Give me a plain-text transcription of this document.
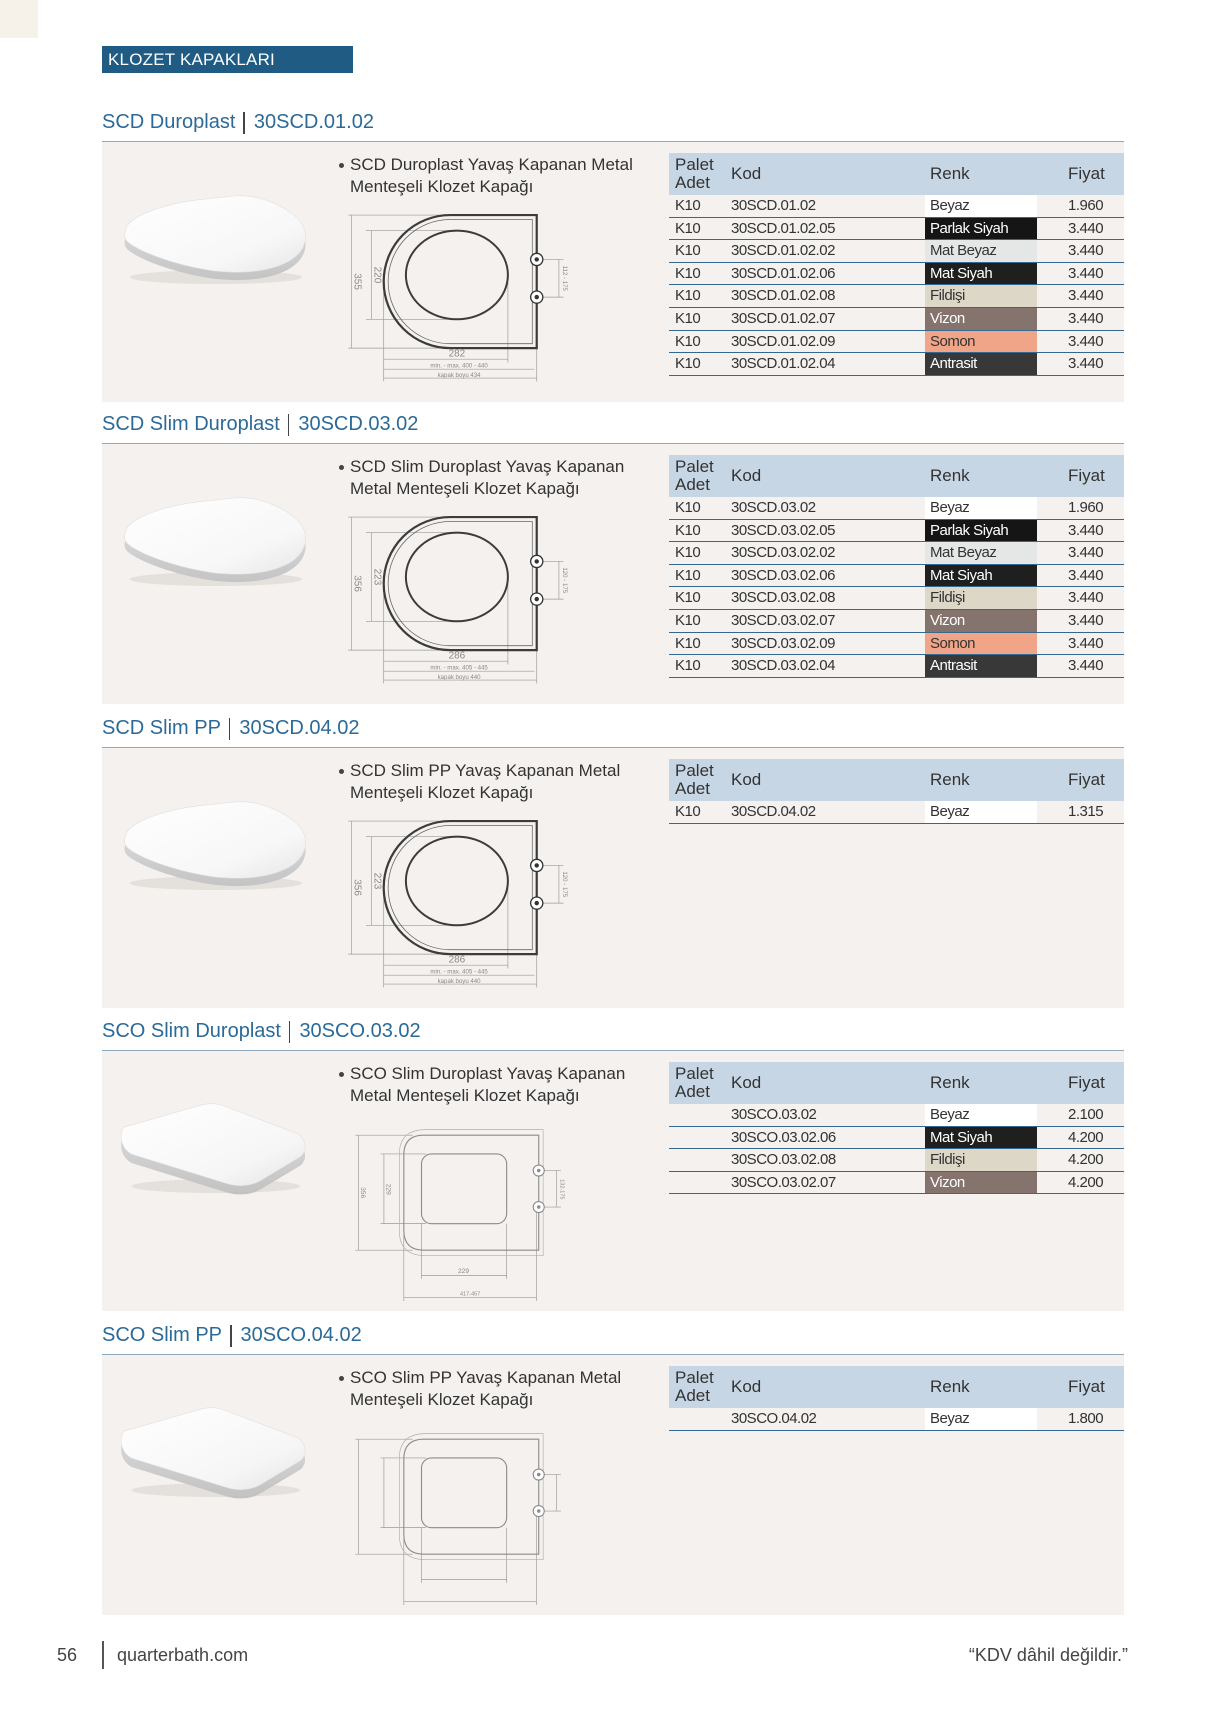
KLOZET KAPAKLARI
SCD Duroplast 30SCD.01.02
SCD Duroplast Yavaş Kapanan Metal
Menteşeli Klozet Kapağı
355 220
282
min. - max. 400 - 440
kapak boyu 434
112 - 175
Palet
Adet Kod	Renk	Fiyat
K10 30SCD.01.02	Beyaz	1.960
K10 30SCD.01.02.05	Parlak Siyah	3.440
K10 30SCD.01.02.02	Mat Beyaz	3.440
K10 30SCD.01.02.06	Mat Siyah	3.440
K10 30SCD.01.02.08	Fildişi	3.440
K10 30SCD.01.02.07	Vizon	3.440
K10 30SCD.01.02.09	Somon	3.440
K10 30SCD.01.02.04	Antrasit	3.440
SCD Slim Duroplast 30SCD.03.02
SCD Slim Duroplast Yavaş Kapanan
Metal Menteşeli Klozet Kapağı
356 223
286
min. - max. 405 - 445
kapak boyu 440
120 - 175
Palet
Adet Kod	Renk	Fiyat
K10 30SCD.03.02	Beyaz	1.960
K10 30SCD.03.02.05	Parlak Siyah	3.440
K10 30SCD.03.02.02	Mat Beyaz	3.440
K10 30SCD.03.02.06	Mat Siyah	3.440
K10 30SCD.03.02.08	Fildişi	3.440
K10 30SCD.03.02.07	Vizon	3.440
K10 30SCD.03.02.09	Somon	3.440
K10 30SCD.03.02.04	Antrasit	3.440
SCD Slim PP 30SCD.04.02
SCD Slim PP Yavaş Kapanan Metal
Menteşeli Klozet Kapağı
356 223
286
min. - max. 405 - 445
kapak boyu 440
120 - 175
Palet
Adet Kod	Renk	Fiyat
K10 30SCD.04.02	Beyaz	1.315
SCO Slim Duroplast 30SCO.03.02
SCO Slim Duroplast Yavaş Kapanan
Metal Menteşeli Klozet Kapağı
356	229
229
417-457
132-175
Palet
Adet Kod	Renk	Fiyat
30SCO.03.02	Beyaz	2.100
30SCO.03.02.06	Mat Siyah	4.200
30SCO.03.02.08	Fildişi	4.200
30SCO.03.02.07	Vizon	4.200
SCO Slim PP 30SCO.04.02
SCO Slim PP Yavaş Kapanan Metal
Menteşeli Klozet Kapağı
Palet
Adet Kod	Renk	Fiyat
30SCO.04.02	Beyaz	1.800
56 quarterbath.com	“KDV dâhil değildir.”
